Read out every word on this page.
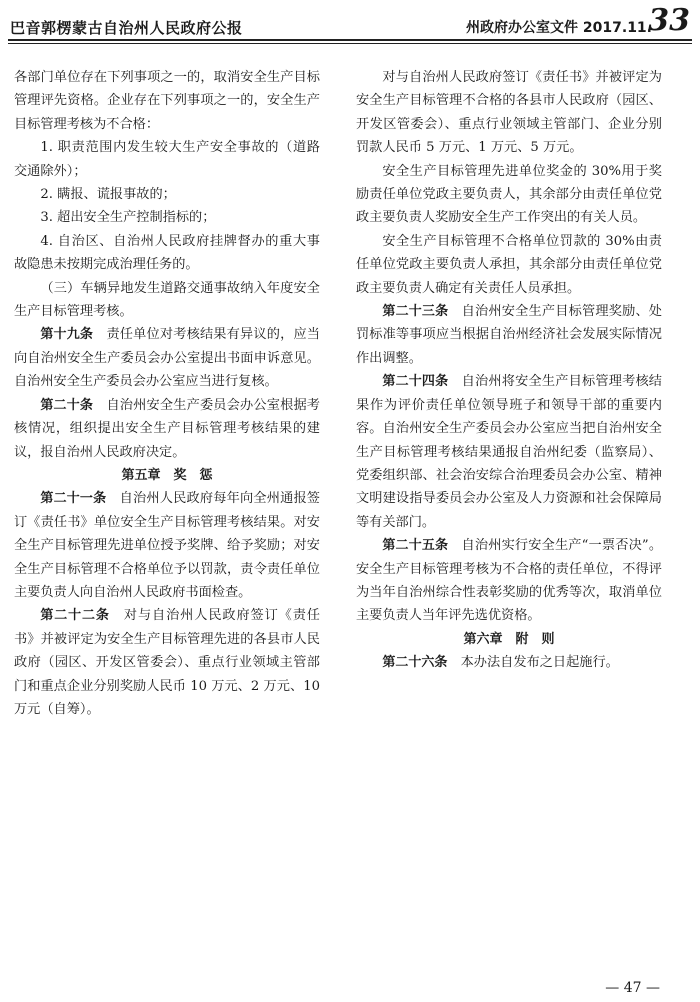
巴音郭楞蒙古自治州人民政府公报	州政府办公室文件 2017.11.
33

各部门单位存在下列事项之一的，取消安全生产目标管理评先资格。企业存在下列事项之一的，安全生产目标管理考核为不合格：

1. 职责范围内发生较大生产安全事故的（道路交通除外）；

2. 瞒报、谎报事故的；

3. 超出安全生产控制指标的；

4. 自治区、自治州人民政府挂牌督办的重大事故隐患未按期完成治理任务的。

（三）车辆异地发生道路交通事故纳入年度安全生产目标管理考核。

第十九条　 责任单位对考核结果有异议的，应当向自治州安全生产委员会办公室提出书面申诉意见。自治州安全生产委员会办公室应当进行复核。

第二十条　 自治州安全生产委员会办公室根据考核情况，组织提出安全生产目标管理考核结果的建议，报自治州人民政府决定。

第五章　奖　惩

第二十一条　 自治州人民政府每年向全州通报签订《责任书》单位安全生产目标管理考核结果。对安全生产目标管理先进单位授予奖牌、给予奖励；对安全生产目标管理不合格单位予以罚款，责令责任单位主要负责人向自治州人民政府书面检查。

第二十二条　 对与自治州人民政府签订《责任书》并被评定为安全生产目标管理先进的各县市人民政府（园区、开发区管委会）、重点行业领域主管部门和重点企业分别奖励人民币 10 万元、2 万元、10 万元（自筹）。

对与自治州人民政府签订《责任书》并被评定为安全生产目标管理不合格的各县市人民政府（园区、开发区管委会）、重点行业领域主管部门、企业分别罚款人民币 5 万元、1 万元、5 万元。

安全生产目标管理先进单位奖金的 30%用于奖励责任单位党政主要负责人，其余部分由责任单位党政主要负责人奖励安全生产工作突出的有关人员。

安全生产目标管理不合格单位罚款的 30%由责任单位党政主要负责人承担，其余部分由责任单位党政主要负责人确定有关责任人员承担。

第二十三条　 自治州安全生产目标管理奖励、处罚标准等事项应当根据自治州经济社会发展实际情况作出调整。

第二十四条　 自治州将安全生产目标管理考核结果作为评价责任单位领导班子和领导干部的重要内容。自治州安全生产委员会办公室应当把自治州安全生产目标管理考核结果通报自治州纪委（监察局）、党委组织部、社会治安综合治理委员会办公室、精神文明建设指导委员会办公室及人力资源和社会保障局等有关部门。

第二十五条　 自治州实行安全生产“一票否决”。安全生产目标管理考核为不合格的责任单位，不得评为当年自治州综合性表彰奖励的优秀等次，取消单位主要负责人当年评先选优资格。

第六章　附　则

第二十六条　 本办法自发布之日起施行。

— 47 —
